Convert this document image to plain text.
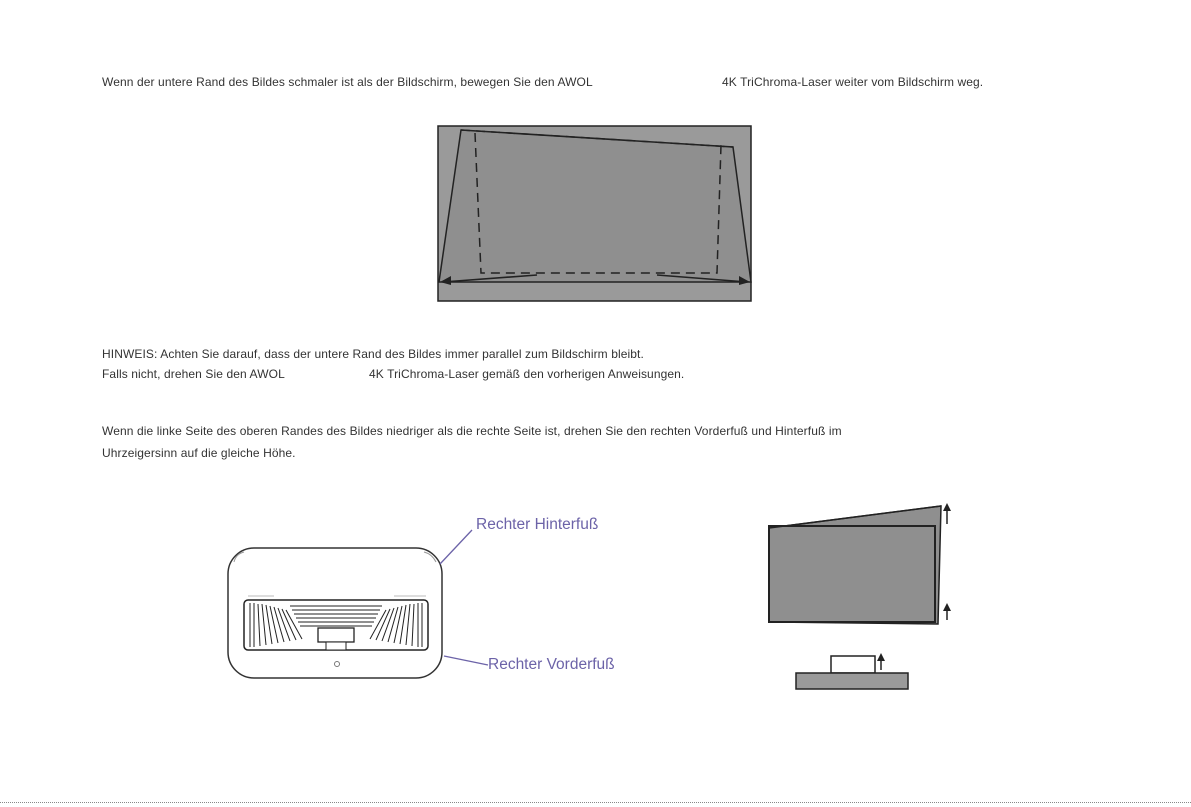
Wenn der untere Rand des Bildes schmaler ist als der Bildschirm, bewegen Sie den AWOL	4K TriChroma-Laser weiter vom Bildschirm weg.
HINWEIS: Achten Sie darauf, dass der untere Rand des Bildes immer parallel zum Bildschirm bleibt.
Falls nicht, drehen Sie den AWOL	4K TriChroma-Laser gemäß den vorherigen Anweisungen.
Wenn die linke Seite des oberen Randes des Bildes niedriger als die rechte Seite ist, drehen Sie den rechten Vorderfuß und Hinterfuß im
Uhrzeigersinn auf die gleiche Höhe.
Rechter Hinterfuß
Rechter Vorderfuß
